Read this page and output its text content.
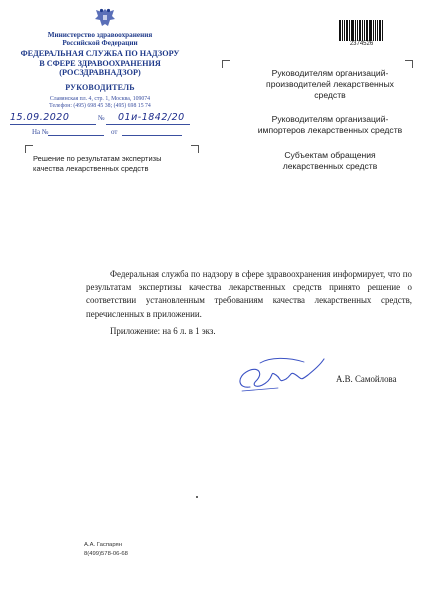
Министерство здравоохранения
Российской Федерации
ФЕДЕРАЛЬНАЯ СЛУЖБА ПО НАДЗОРУ
В СФЕРЕ ЗДРАВООХРАНЕНИЯ
(РОСЗДРАВНАДЗОР)
РУКОВОДИТЕЛЬ
Славянская пл. 4, стр. 1, Москва, 109074
Телефон: (495) 698 45 38; (495) 698 15 74
15.09.2020	№ 01и-1842/20
На №	от
Решение по результатам экспертизы
качества лекарственных средств
2374526
Руководителям организаций-
производителей лекарственных
средств
Руководителям организаций-
импортеров лекарственных средств
Субъектам обращения
лекарственных средств
Федеральная служба по надзору в сфере здравоохранения информирует, что по результатам экспертизы качества лекарственных средств принято решение о соответствии установленным требованиям качества лекарственных средств, перечисленных в приложении.
Приложение: на 6 л. в 1 экз.
А.В. Самойлова
А.А. Гаспарян
8(499)578-06-68
